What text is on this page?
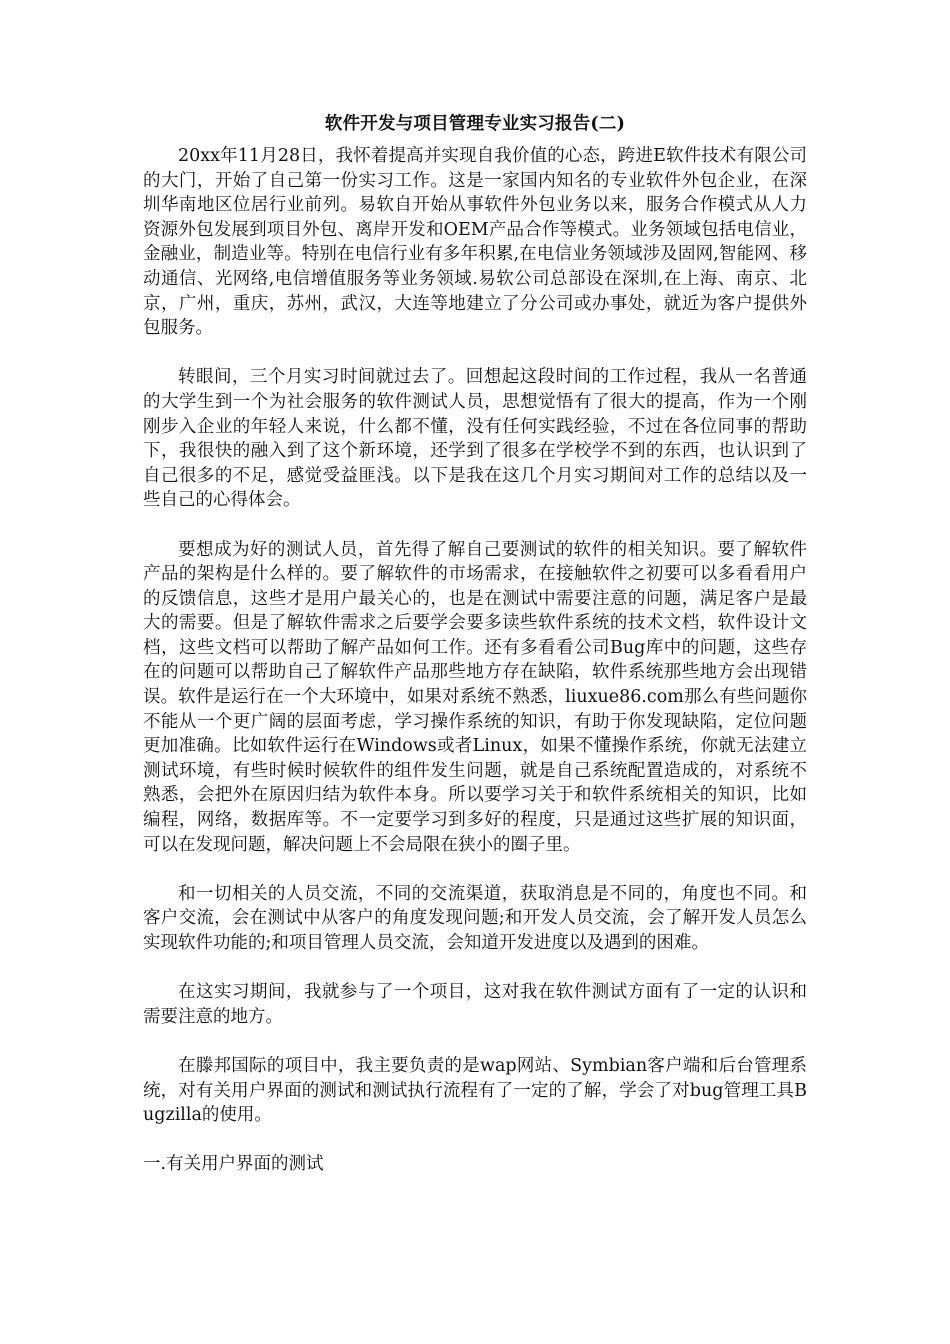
软件开发与项目管理专业实习报告(二)

20xx年11月28日，我怀着提高并实现自我价值的心态，跨进E软件技术有限公司的大门，开始了自己第一份实习工作。这是一家国内知名的专业软件外包企业，在深圳华南地区位居行业前列。易软自开始从事软件外包业务以来，服务合作模式从人力资源外包发展到项目外包、离岸开发和OEM产品合作等模式。业务领域包括电信业，金融业，制造业等。特别在电信行业有多年积累,在电信业务领域涉及固网,智能网、移动通信、光网络,电信增值服务等业务领域.易软公司总部设在深圳,在上海、南京、北京，广州，重庆，苏州，武汉，大连等地建立了分公司或办事处，就近为客户提供外包服务。

转眼间，三个月实习时间就过去了。回想起这段时间的工作过程，我从一名普通的大学生到一个为社会服务的软件测试人员，思想觉悟有了很大的提高，作为一个刚刚步入企业的年轻人来说，什么都不懂，没有任何实践经验，不过在各位同事的帮助下，我很快的融入到了这个新环境，还学到了很多在学校学不到的东西，也认识到了自己很多的不足，感觉受益匪浅。以下是我在这几个月实习期间对工作的总结以及一些自己的心得体会。

要想成为好的测试人员，首先得了解自己要测试的软件的相关知识。要了解软件产品的架构是什么样的。要了解软件的市场需求，在接触软件之初要可以多看看用户的反馈信息，这些才是用户最关心的，也是在测试中需要注意的问题，满足客户是最大的需要。但是了解软件需求之后要学会要多读些软件系统的技术文档，软件设计文档，这些文档可以帮助了解产品如何工作。还有多看看公司Bug库中的问题，这些存在的问题可以帮助自己了解软件产品那些地方存在缺陷，软件系统那些地方会出现错误。软件是运行在一个大环境中，如果对系统不熟悉，liuxue86.com那么有些问题你不能从一个更广阔的层面考虑，学习操作系统的知识，有助于你发现缺陷，定位问题更加准确。比如软件运行在Windows或者Linux，如果不懂操作系统，你就无法建立测试环境，有些时候时候软件的组件发生问题，就是自己系统配置造成的，对系统不熟悉，会把外在原因归结为软件本身。所以要学习关于和软件系统相关的知识，比如编程，网络，数据库等。不一定要学习到多好的程度，只是通过这些扩展的知识面，可以在发现问题，解决问题上不会局限在狭小的圈子里。

和一切相关的人员交流，不同的交流渠道，获取消息是不同的，角度也不同。和客户交流，会在测试中从客户的角度发现问题;和开发人员交流，会了解开发人员怎么实现软件功能的;和项目管理人员交流，会知道开发进度以及遇到的困难。

在这实习期间，我就参与了一个项目，这对我在软件测试方面有了一定的认识和需要注意的地方。

在滕邦国际的项目中，我主要负责的是wap网站、Symbian客户端和后台管理系统，对有关用户界面的测试和测试执行流程有了一定的了解，学会了对bug管理工具Bugzilla的使用。

一.有关用户界面的测试
